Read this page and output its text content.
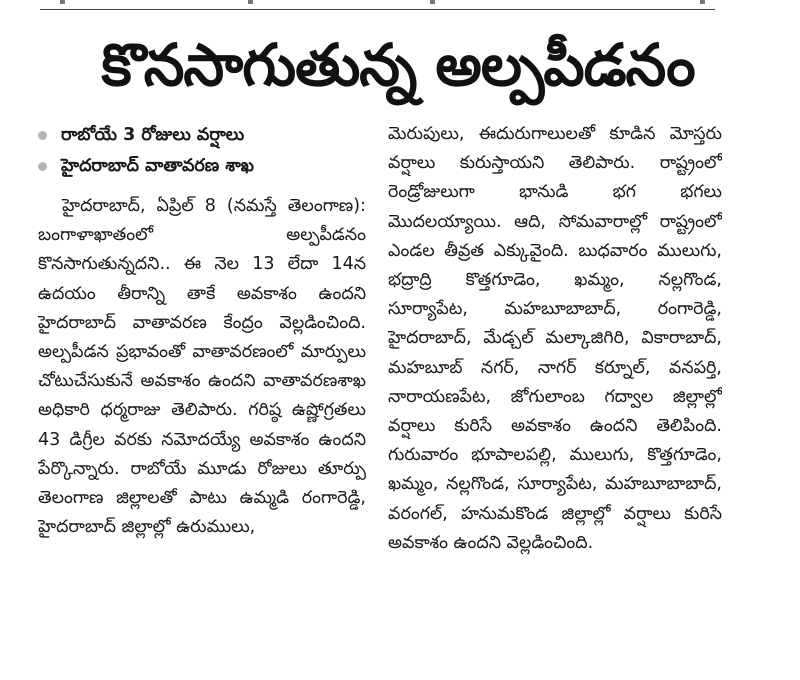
కొనసాగుతున్న అల్పపీడనం
రాబోయే 3 రోజులు వర్షాలు
హైదరాబాద్‌ వాతావరణ శాఖ

హైదరాబాద్‌, ఏప్రిల్‌ 8 (నమస్తే తెలంగాణ): బంగాళాఖాతంలో అల్పపీడనం కొనసాగుతున్నదని.. ఈ నెల 13 లేదా 14న ఉదయం తీరాన్ని తాకే అవకాశం ఉందని హైదరాబాద్‌ వాతావరణ కేంద్రం వెల్లడించింది. అల్పపీడన ప్రభావంతో వాతావరణంలో మార్పులు చోటుచేసుకునే అవకాశం ఉందని వాతావరణశాఖ అధికారి ధర్మరాజు తెలిపారు. గరిష్ఠ ఉష్ణోగ్రతలు 43 డిగ్రీల వరకు నమోదయ్యే అవకాశం ఉందని పేర్కొన్నారు. రాబోయే మూడు రోజులు తూర్పు తెలంగాణ జిల్లాలతో పాటు ఉమ్మడి రంగారెడ్డి, హైదరాబాద్‌ జిల్లాల్లో ఉరుములు,

మెరుపులు, ఈదురుగాలులతో కూడిన మోస్తరు వర్షాలు కురుస్తాయని తెలిపారు. రాష్ట్రంలో రెండ్రోజులుగా భానుడి భగ భగలు మొదలయ్యాయి. ఆది, సోమవారాల్లో రాష్ట్రంలో ఎండల తీవ్రత ఎక్కువైంది. బుధవారం ములుగు, భద్రాద్రి కొత్తగూడెం, ఖమ్మం, నల్లగొండ, సూర్యాపేట, మహబూబాబాద్‌, రంగారెడ్డి, హైదరాబాద్‌, మేడ్చల్‌ మల్కాజిగిరి, వికారాబాద్‌, మహబూబ్‌ నగర్‌, నాగర్‌ కర్నూల్‌, వనపర్తి, నారాయణపేట, జోగులాంబ గద్వాల జిల్లాల్లో వర్షాలు కురిసే అవకాశం ఉందని తెలిపింది. గురువారం భూపాలపల్లి, ములుగు, కొత్తగూడెం, ఖమ్మం, నల్లగొండ, సూర్యాపేట, మహబూబాబాద్‌, వరంగల్‌, హనుమకొండ జిల్లాల్లో వర్షాలు కురిసే అవకాశం ఉందని వెల్లడించింది.
